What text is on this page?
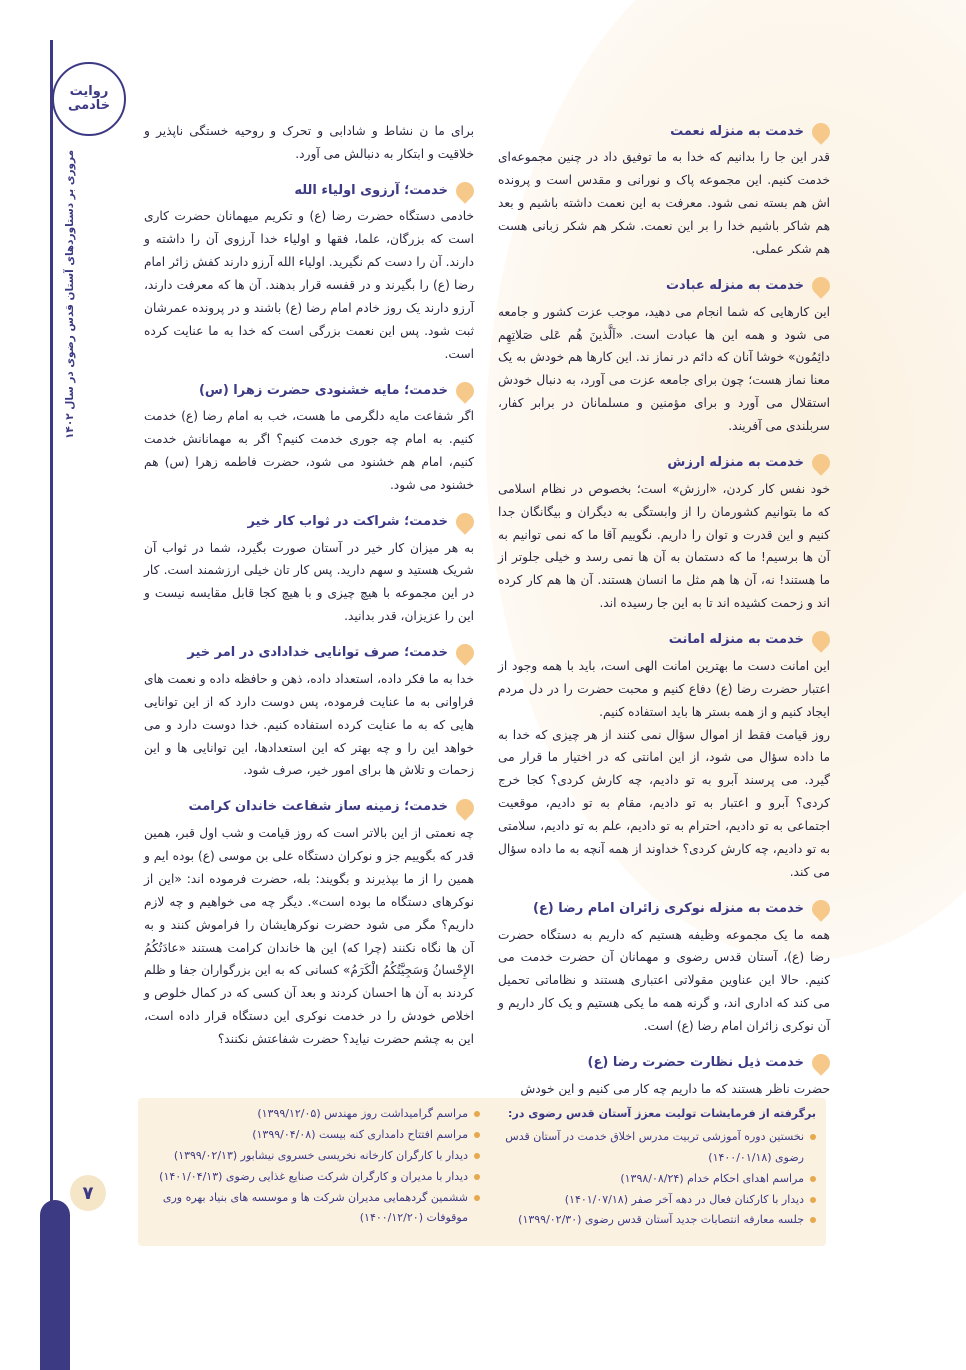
روایت خادمی
مروری بر دستاوردهای آستان قدس رضوی در سال ۱۴۰۲
۷
خدمت به منزله نعمت

قدر این جا را بدانیم که خدا به ما توفیق داد در چنین مجموعه‌ای خدمت کنیم. این مجموعه پاک و نورانی و مقدس است و پرونده اش هم بسته نمی شود. معرفت به این نعمت داشته باشیم و بعد هم شاکر باشیم خدا را بر این نعمت. شکر هم شکر زبانی هست هم شکر عملی.

خدمت به منزله عبادت

این کارهایی که شما انجام می دهید، موجب عزت کشور و جامعه می شود و همه این ها عبادت است. «اَلَّذینَ هُم عَلی صَلاتِهِم دائِمُون» خوشا آنان که دائم در نماز ند. این کارها هم خودش به یک معنا نماز هست؛ چون برای جامعه عزت می آورد، به دنبال خودش استقلال می آورد و برای مؤمنین و مسلمانان در برابر کفار، سربلندی می آفریند.

خدمت به منزله ارزش

خود نفس کار کردن، «ارزش» است؛ بخصوص در نظام اسلامی که ما بتوانیم کشورمان را از وابستگی به دیگران و بیگانگان جدا کنیم و این قدرت و توان را داریم. نگوییم آقا ما که نمی توانیم به آن ها برسیم! ما که دستمان به آن ها نمی رسد و خیلی جلوتر از ما هستند! نه، آن ها هم مثل ما انسان هستند. آن ها هم کار کرده اند و زحمت کشیده اند تا به این جا رسیده اند.

خدمت به منزله امانت

این امانت دست ما بهترین امانت الهی است، باید با همه وجود از اعتبار حضرت رضا (ع) دفاع کنیم و محبت حضرت را در دل مردم ایجاد کنیم و از همه بستر ها باید استفاده کنیم.

روز قیامت فقط از اموال سؤال نمی کنند از هر چیزی که خدا به ما داده سؤال می شود، از این امانتی که در اختیار ما قرار می گیرد. می پرسند آبرو به تو دادیم، چه کارش کردی؟ کجا خرج کردی؟ آبرو و اعتبار به تو دادیم، مقام به تو دادیم، موقعیت اجتماعی به تو دادیم، احترام به تو دادیم، علم به تو دادیم، سلامتی به تو دادیم، چه کارش کردی؟ خداوند از همه آنچه به ما داده سؤال می کند.

خدمت به منزله نوکری زائران امام رضا (ع)

همه ما یک مجموعه وظیفه هستیم که داریم به دستگاه حضرت رضا (ع)، آستان قدس رضوی و مهمانان آن حضرت خدمت می کنیم. حالا این عناوین مقولاتی اعتباری هستند و نظاماتی تحمیل می کند که اداری اند، و گرنه همه ما یکی هستیم و یک کار داریم و آن نوکری زائران امام رضا (ع) است.

خدمت ذیل نظارت حضرت رضا (ع)

حضرت ناظر هستند که ما داریم چه کار می کنیم و این خودش

برای ما ن نشاط و شادابی و تحرک و روحیه خستگی ناپذیر و خلاقیت و ابتکار به دنبالش می آورد.

خدمت؛ آرزوی اولیاء الله

خادمی دستگاه حضرت رضا (ع) و تکریم میهمانان حضرت کاری است که بزرگان، علما، فقها و اولیاء خدا آرزوی آن را داشته و دارند. آن را دست کم نگیرید. اولیاء الله آرزو دارند کفش زائر امام رضا (ع) را بگیرند و در قفسه قرار بدهند. آن ها که معرفت دارند، آرزو دارند یک روز خادم امام رضا (ع) باشند و در پرونده عمرشان ثبت شود. پس این نعمت بزرگی است که خدا به ما عنایت کرده است.

خدمت؛ مایه خشنودی حضرت زهرا (س)

اگر شفاعت مایه دلگرمی ما هست، خب به امام رضا (ع) خدمت کنیم. به امام چه جوری خدمت کنیم؟ اگر به مهمانانش خدمت کنیم، امام هم خشنود می شود، حضرت فاطمه زهرا (س) هم خشنود می شود.

خدمت؛ شراکت در ثواب کار خیر

به هر میزان کار خیر در آستان صورت بگیرد، شما در ثواب آن شریک هستید و سهم دارید. پس کار تان خیلی ارزشمند است. کار در این مجموعه با هیچ چیزی و با هیچ کجا قابل مقایسه نیست و این را عزیزان، قدر بدانید.

خدمت؛ صرف توانایی خدادادی در امر خیر

خدا به ما فکر داده، استعداد داده، ذهن و حافظه داده و نعمت های فراوانی به ما عنایت فرموده، پس دوست دارد که از این توانایی هایی که به ما عنایت کرده استفاده کنیم. خدا دوست دارد و می خواهد این را و چه بهتر که این استعدادها، این توانایی ها و این زحمات و تلاش ها برای امور خیر، صرف شود.

خدمت؛ زمینه ساز شفاعت خاندان کرامت

چه نعمتی از این بالاتر است که روز قیامت و شب اول قبر، همین قدر که بگوییم جز و نوکران دستگاه علی بن موسی (ع) بوده ایم و همین را از ما بپذیرند و بگویند: بله، حضرت فرموده اند: «این از نوکرهای دستگاه ما بوده است». دیگر چه می خواهیم و چه لازم داریم؟ مگر می شود حضرت نوکرهایشان را فراموش کنند و به آن ها نگاه نکنند (چرا که) این ها خاندان کرامت هستند «عادَتُکُمُ الإِحْسانُ وَسَجِيَّتُكُمُ الْكَرَمُ» کسانی که به این بزرگواران جفا و ظلم کردند به آن ها احسان کردند و بعد آن کسی که در کمال خلوص و اخلاص خودش را در خدمت نوکری این دستگاه قرار داده است، این به چشم حضرت نیاید؟ حضرت شفاعتش نکنند؟

برگرفته از فرمایشات تولیت معزز آستان قدس رضوی در:
نخستین دوره آموزشی تربیت مدرس اخلاق خدمت در آستان قدس رضوی (۱۴۰۰/۰۱/۱۸)
مراسم اهدای احکام خدام (۱۳۹۸/۰۸/۲۴)
دیدار با کارکنان فعال در دهه آخر صفر (۱۴۰۱/۰۷/۱۸)
جلسه معارفه انتصابات جدید آستان قدس رضوی (۱۳۹۹/۰۲/۳۰)
مراسم گرامیداشت روز مهندس (۱۳۹۹/۱۲/۰۵)
مراسم افتتاح دامداری کنه بیست (۱۳۹۹/۰۴/۰۸)
دیدار با کارگران کارخانه نخریسی خسروی نیشابور (۱۳۹۹/۰۲/۱۳)
دیدار با مدیران و کارگران شرکت صنایع غذایی رضوی (۱۴۰۱/۰۴/۱۳)
ششمین گردهمایی مدیران شرکت ها و موسسه های بنیاد بهره وری موقوفات (۱۴۰۰/۱۲/۲۰)
